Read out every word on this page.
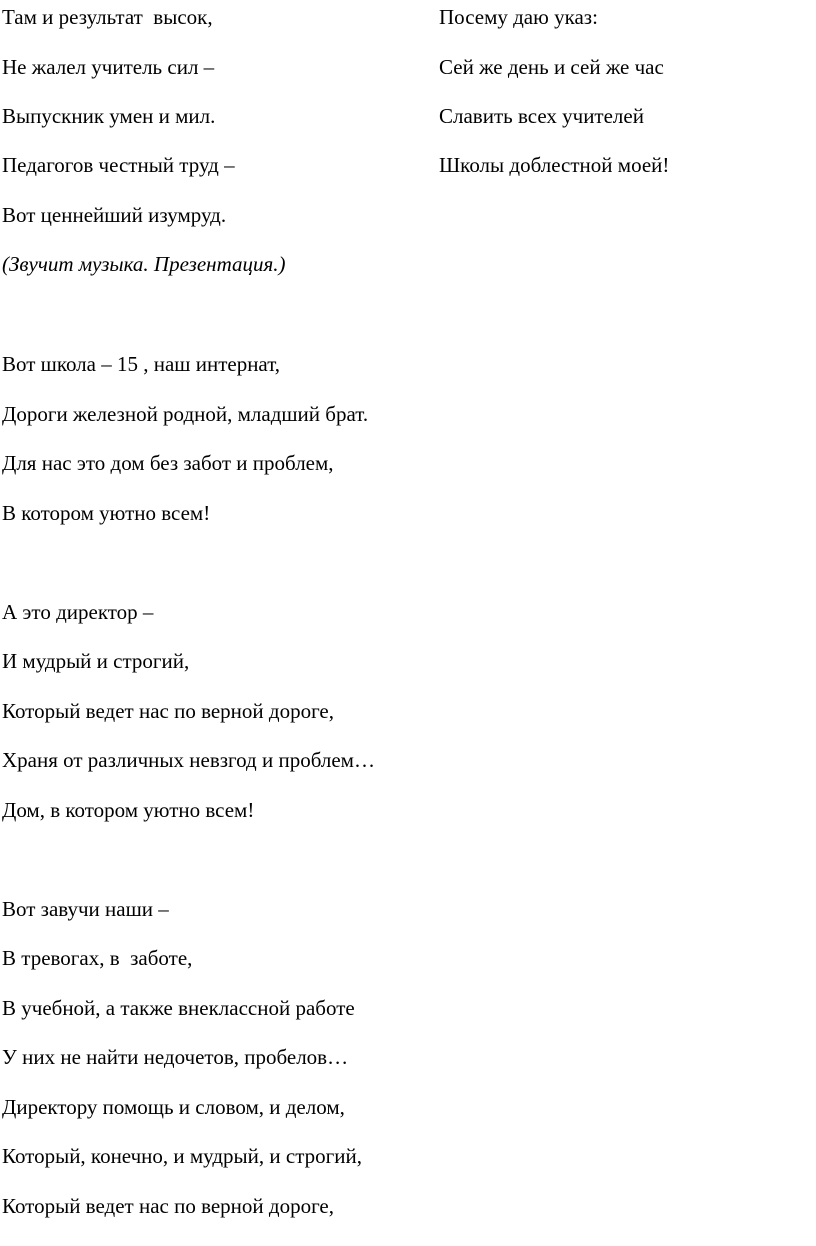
Там и результат  высок,

Не жалел учитель сил –

Выпускник умен и мил.

Педагогов честный труд –

Вот ценнейший изумруд.

(Звучит музыка. Презентация.)

Посему даю указ:

Сей же день и сей же час

Славить всех учителей

Школы доблестной моей!

Вот школа – 15 , наш интернат,

Дороги железной родной, младший брат.

Для нас это дом без забот и проблем,

В котором уютно всем!

А это директор –

И мудрый и строгий,

Который ведет нас по верной дороге,

Храня от различных невзгод и проблем…

Дом, в котором уютно всем!

Вот завучи наши –

В тревогах, в  заботе,

В учебной, а также внеклассной работе

У них не найти недочетов, пробелов…

Директору помощь и словом, и делом,

Который, конечно, и мудрый, и строгий,

Который ведет нас по верной дороге,
